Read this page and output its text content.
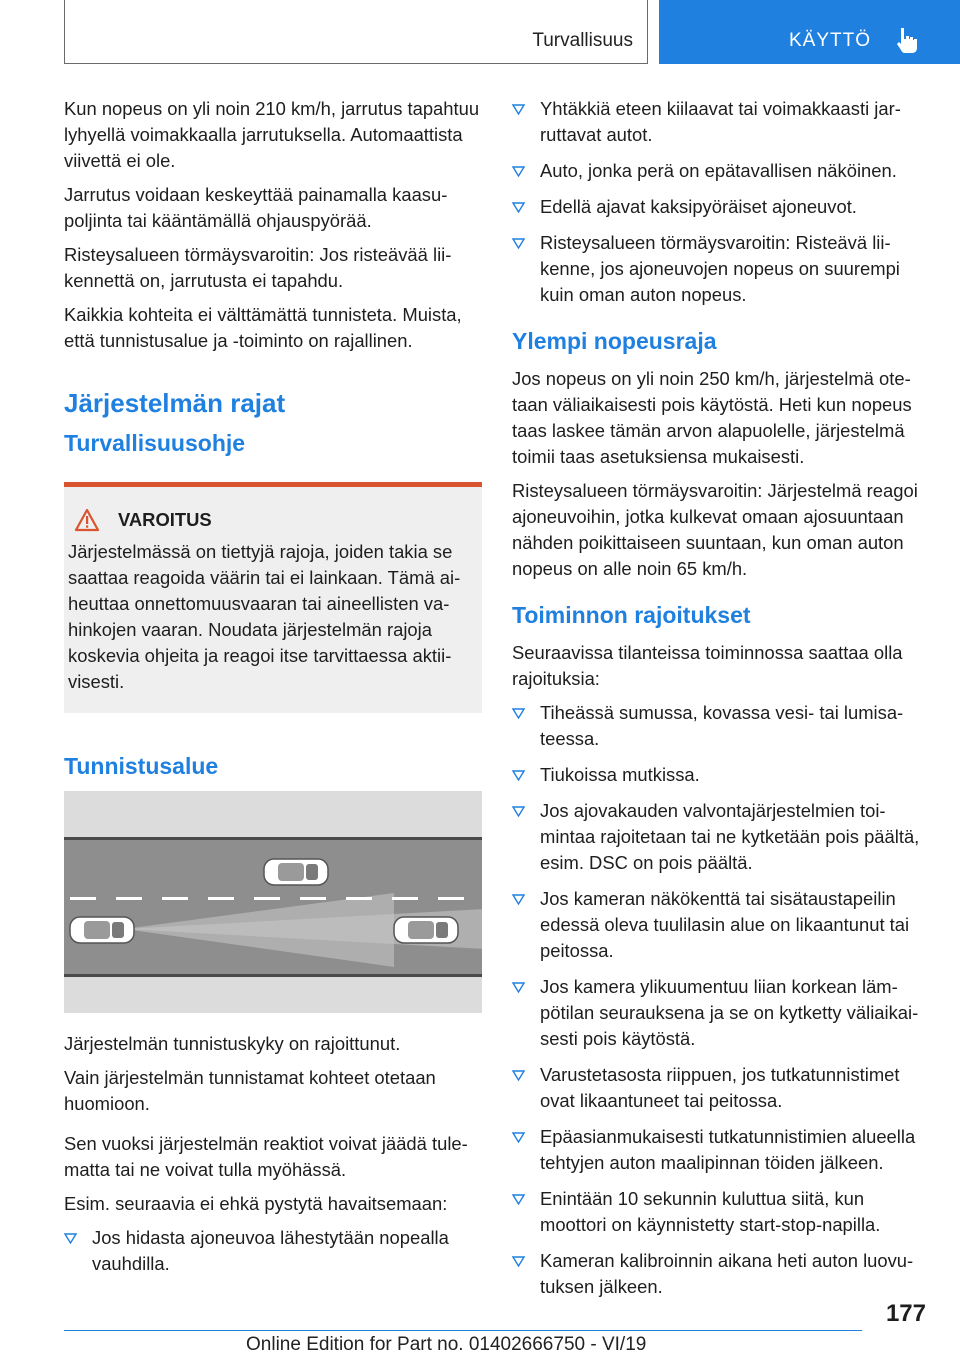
Turvallisuus	KÄYTTÖ

Kun nopeus on yli noin 210 km/h, jarrutus tapahtuu lyhyellä voimakkaalla jarrutuksella. Automaattista viivettä ei ole.

Jarrutus voidaan keskeyttää painamalla kaasupoljinta tai kääntämällä ohjauspyörää.

Risteysalueen törmäysvaroitin: Jos risteävää liikennettä on, jarrutusta ei tapahdu.

Kaikkia kohteita ei välttämättä tunnisteta. Muista, että tunnistusalue ja -toiminto on rajallinen.

Järjestelmän rajat
Turvallisuusohje
VAROITUS

Järjestelmässä on tiettyjä rajoja, joiden takia se saattaa reagoida väärin tai ei lainkaan. Tämä aiheuttaa onnettomuusvaaran tai aineellisten vahinkojen vaaran. Noudata järjestelmän rajoja koskevia ohjeita ja reagoi itse tarvittaessa aktiivisesti.

Tunnistusalue

Järjestelmän tunnistuskyky on rajoittunut.

Vain järjestelmän tunnistamat kohteet otetaan huomioon.

Sen vuoksi järjestelmän reaktiot voivat jäädä tulematta tai ne voivat tulla myöhässä.

Esim. seuraavia ei ehkä pystytä havaitsemaan:

Jos hidasta ajoneuvoa lähestytään nopealla vauhdilla.
Yhtäkkiä eteen kiilaavat tai voimakkaasti jarruttavat autot.
Auto, jonka perä on epätavallisen näköinen.
Edellä ajavat kaksipyöräiset ajoneuvot.
Risteysalueen törmäysvaroitin: Risteävä liikenne, jos ajoneuvojen nopeus on suurempi kuin oman auton nopeus.
Ylempi nopeusraja

Jos nopeus on yli noin 250 km/h, järjestelmä otetaan väliaikaisesti pois käytöstä. Heti kun nopeus taas laskee tämän arvon alapuolelle, järjestelmä toimii taas asetuksiensa mukaisesti.

Risteysalueen törmäysvaroitin: Järjestelmä reagoi ajoneuvoihin, jotka kulkevat omaan ajosuuntaan nähden poikittaiseen suuntaan, kun oman auton nopeus on alle noin 65 km/h.

Toiminnon rajoitukset

Seuraavissa tilanteissa toiminnossa saattaa olla rajoituksia:

Tiheässä sumussa, kovassa vesi- tai lumisateessa.
Tiukoissa mutkissa.
Jos ajovakauden valvontajärjestelmien toimintaa rajoitetaan tai ne kytketään pois päältä, esim. DSC on pois päältä.
Jos kameran näkökenttä tai sisätaustapeilin edessä oleva tuulilasin alue on likaantunut tai peitossa.
Jos kamera ylikuumentuu liian korkean lämpötilan seurauksena ja se on kytketty väliaikaisesti pois käytöstä.
Varustetasosta riippuen, jos tutkatunnistimet ovat likaantuneet tai peitossa.
Epäasianmukaisesti tutkatunnistimien alueella tehtyjen auton maalipinnan töiden jälkeen.
Enintään 10 sekunnin kuluttua siitä, kun moottori on käynnistetty start-stop-napilla.
Kameran kalibroinnin aikana heti auton luovutuksen jälkeen.
177
Online Edition for Part no. 01402666750 - VI/19
